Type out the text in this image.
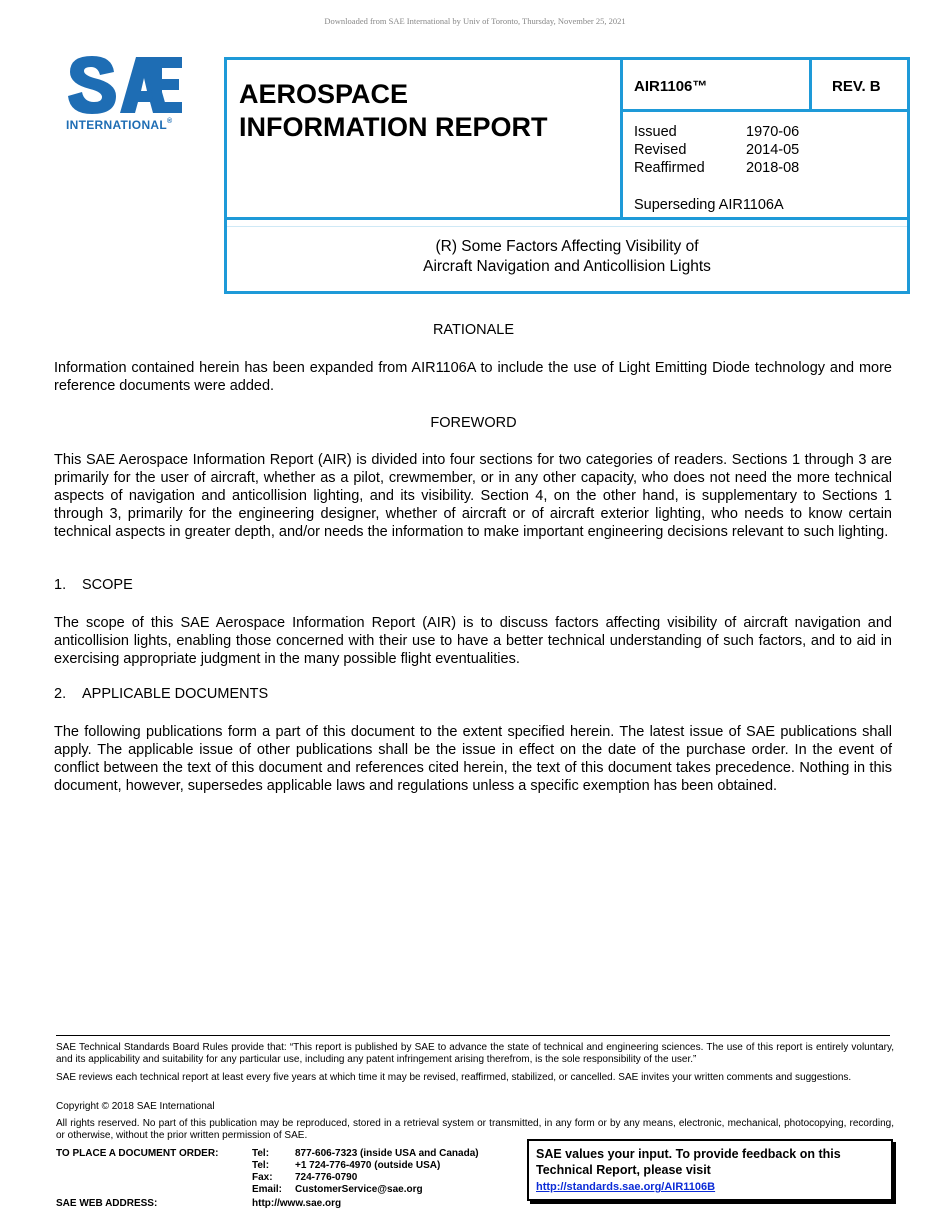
Downloaded from SAE International by Univ of Toronto, Thursday, November 25, 2021
INTERNATIONAL®
AEROSPACE
INFORMATION REPORT
AIR1106™	REV. B
Issued	1970-06
Revised	2014-05
Reaffirmed	2018-08
Superseding AIR1106A
(R) Some Factors Affecting Visibility of
Aircraft Navigation and Anticollision Lights
RATIONALE
Information contained herein has been expanded from AIR1106A to include the use of Light Emitting Diode technology and more reference documents were added.
FOREWORD
This SAE Aerospace Information Report (AIR) is divided into four sections for two categories of readers. Sections 1 through 3 are primarily for the user of aircraft, whether as a pilot, crewmember, or in any other capacity, who does not need the more technical aspects of navigation and anticollision lighting, and its visibility. Section 4, on the other hand, is supplementary to Sections 1 through 3, primarily for the engineering designer, whether of aircraft or of aircraft exterior lighting, who needs to know certain technical aspects in greater depth, and/or needs the information to make important engineering decisions relevant to such lighting.
1. SCOPE
The scope of this SAE Aerospace Information Report (AIR) is to discuss factors affecting visibility of aircraft navigation and anticollision lights, enabling those concerned with their use to have a better technical understanding of such factors, and to aid in exercising appropriate judgment in the many possible flight eventualities.
2. APPLICABLE DOCUMENTS
The following publications form a part of this document to the extent specified herein. The latest issue of SAE publications shall apply. The applicable issue of other publications shall be the issue in effect on the date of the purchase order. In the event of conflict between the text of this document and references cited herein, the text of this document takes precedence. Nothing in this document, however, supersedes applicable laws and regulations unless a specific exemption has been obtained.
SAE Technical Standards Board Rules provide that: “This report is published by SAE to advance the state of technical and engineering sciences. The use of this report is entirely voluntary, and its applicability and suitability for any particular use, including any patent infringement arising therefrom, is the sole responsibility of the user.”
SAE reviews each technical report at least every five years at which time it may be revised, reaffirmed, stabilized, or cancelled. SAE invites your written comments and suggestions.
Copyright © 2018 SAE International
All rights reserved. No part of this publication may be reproduced, stored in a retrieval system or transmitted, in any form or by any means, electronic, mechanical, photocopying, recording, or otherwise, without the prior written permission of SAE.
TO PLACE A DOCUMENT ORDER:	Tel:	877-606-7323 (inside USA and Canada)
Tel:	+1 724-776-4970 (outside USA)
Fax:	724-776-0790
Email:	CustomerService@sae.org
SAE WEB ADDRESS:	http://www.sae.org
SAE values your input. To provide feedback on this Technical Report, please visit
http://standards.sae.org/AIR1106B
